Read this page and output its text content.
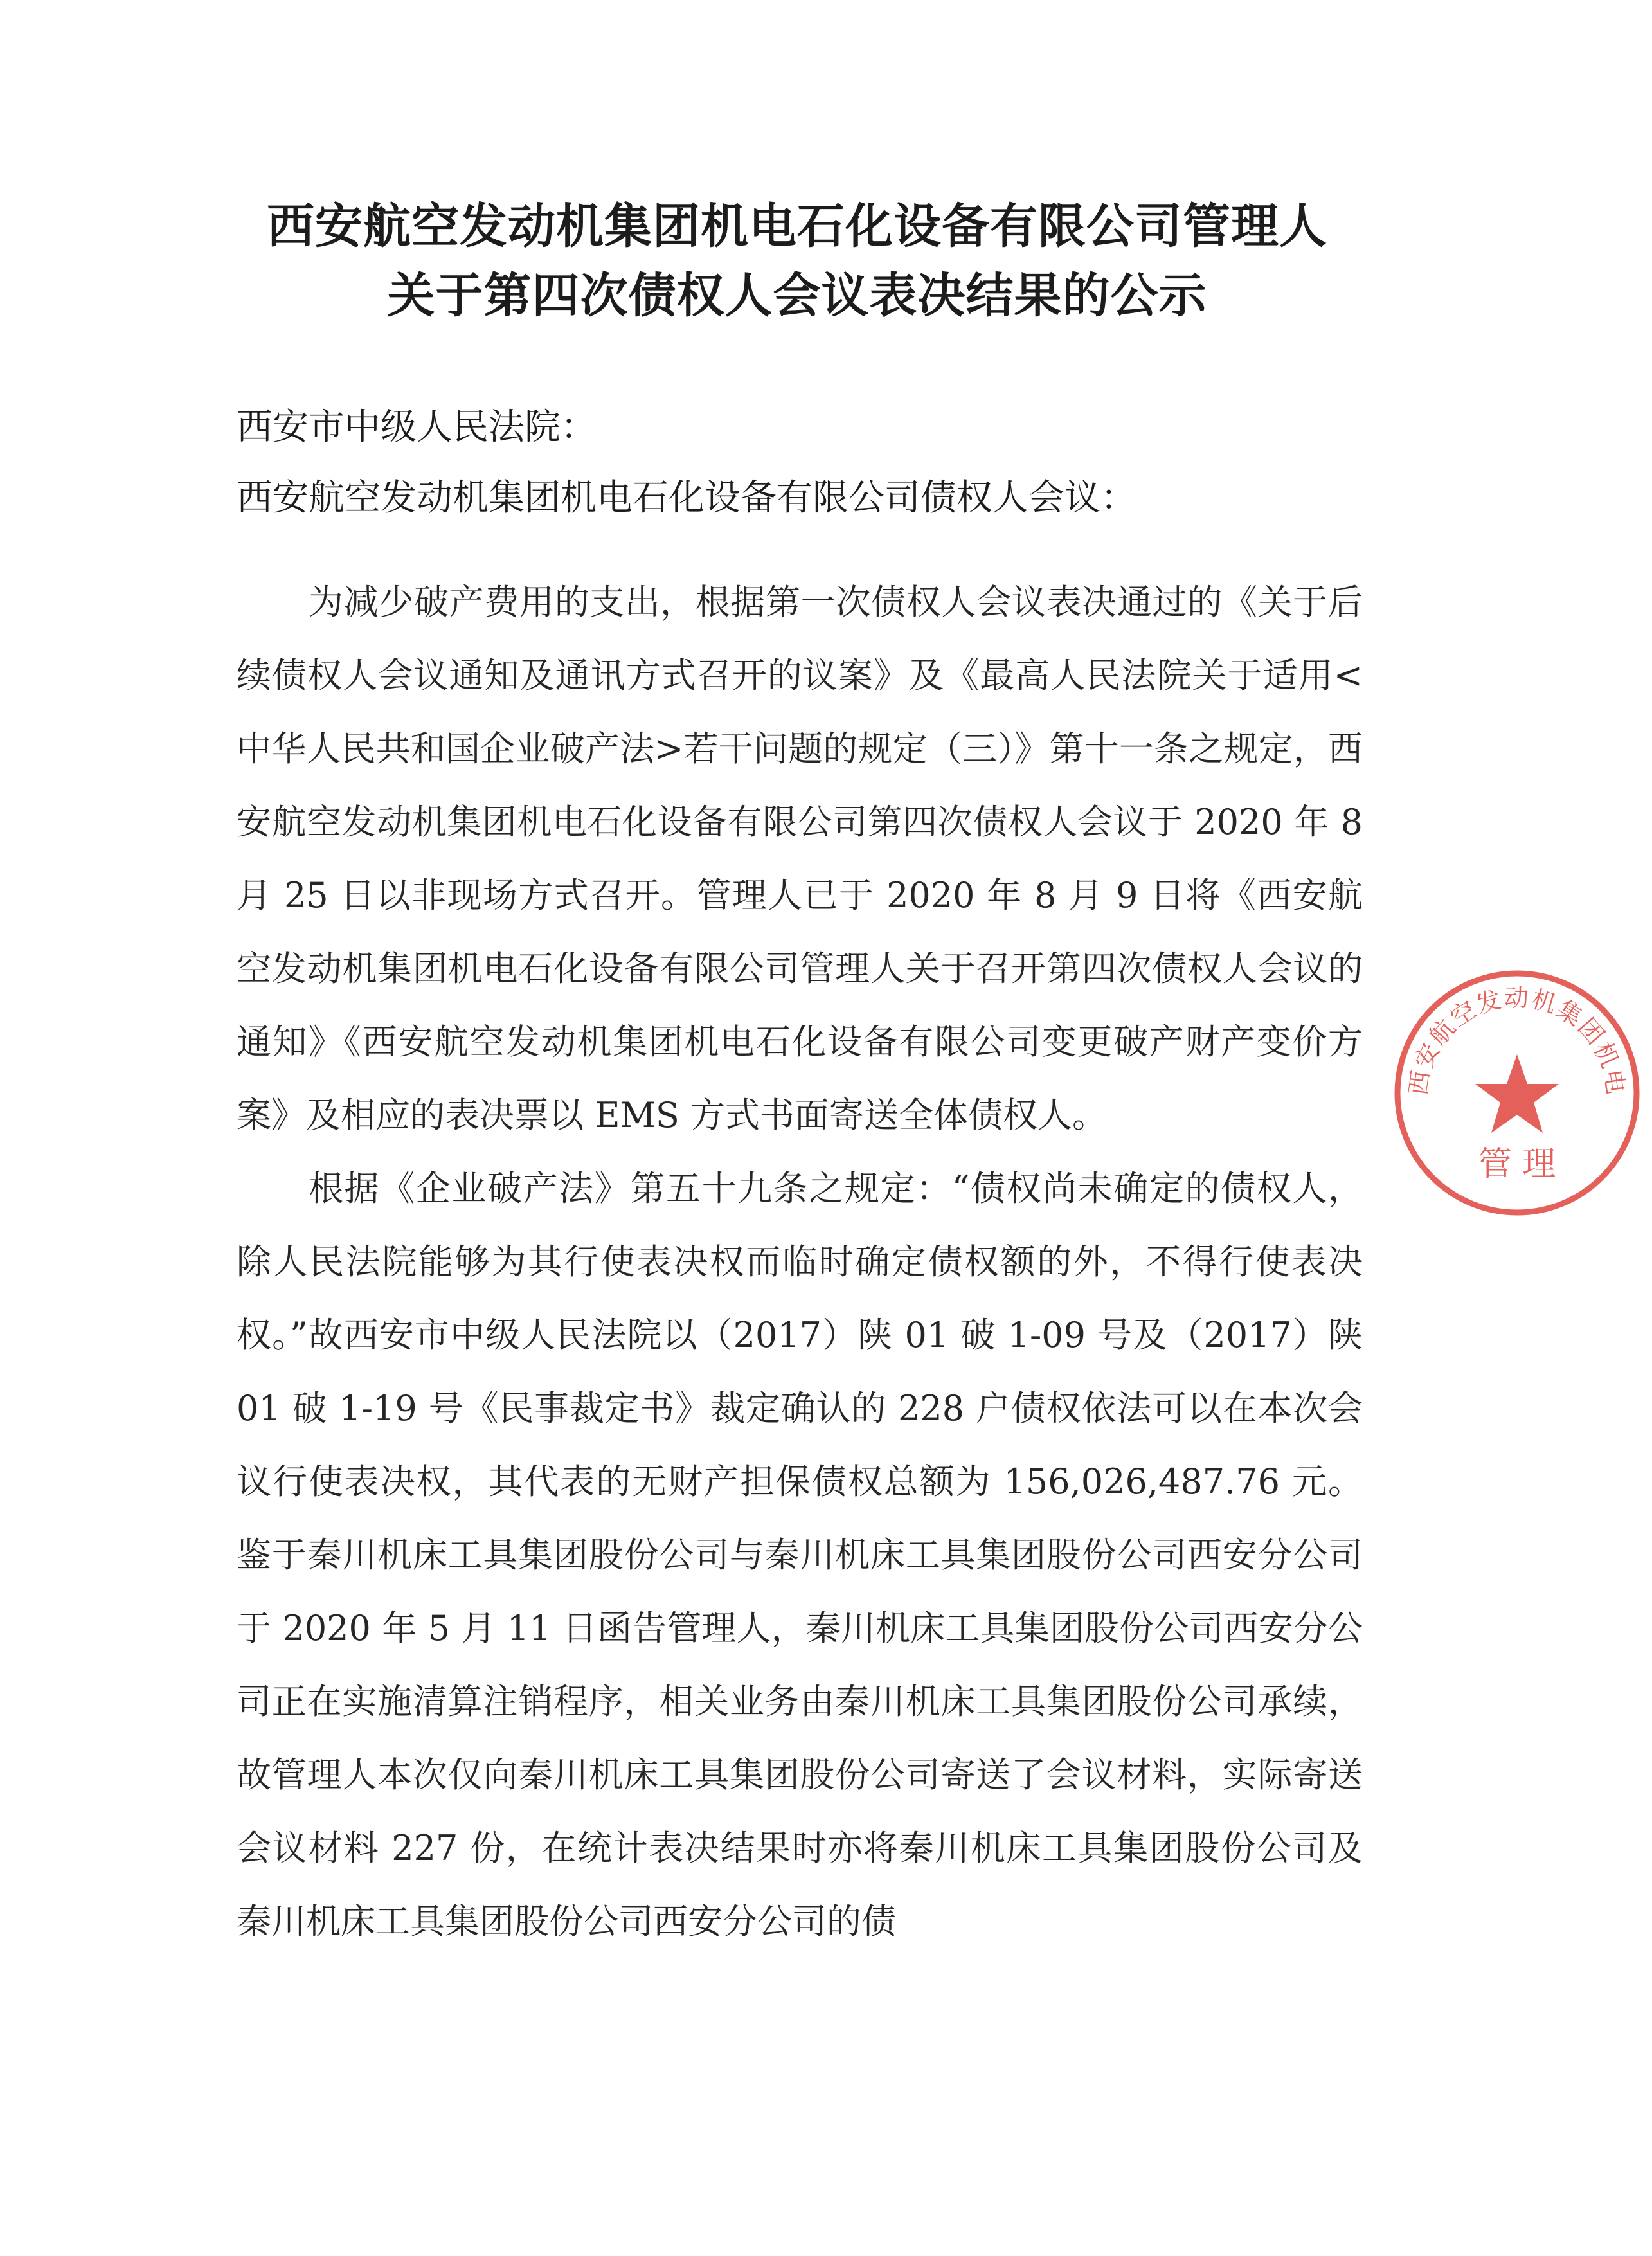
西安航空发动机集团机电石化设备有限公司管理人
关于第四次债权人会议表决结果的公示
西安市中级人民法院：
西安航空发动机集团机电石化设备有限公司债权人会议：

为减少破产费用的支出，根据第一次债权人会议表决通过的《关于后续债权人会议通知及通讯方式召开的议案》及《最高人民法院关于适用<中华人民共和国企业破产法>若干问题的规定（三）》第十一条之规定，西安航空发动机集团机电石化设备有限公司第四次债权人会议于 2020 年 8 月 25 日以非现场方式召开。管理人已于 2020 年 8 月 9 日将《西安航空发动机集团机电石化设备有限公司管理人关于召开第四次债权人会议的通知》《西安航空发动机集团机电石化设备有限公司变更破产财产变价方案》及相应的表决票以 EMS 方式书面寄送全体债权人。

根据《企业破产法》第五十九条之规定：“债权尚未确定的债权人，除人民法院能够为其行使表决权而临时确定债权额的外，不得行使表决权。”故西安市中级人民法院以（2017）陕 01 破 1-09 号及（2017）陕 01 破 1-19 号《民事裁定书》裁定确认的 228 户债权依法可以在本次会议行使表决权，其代表的无财产担保债权总额为 156,026,487.76 元。鉴于秦川机床工具集团股份公司与秦川机床工具集团股份公司西安分公司于 2020 年 5 月 11 日函告管理人，秦川机床工具集团股份公司西安分公司正在实施清算注销程序，相关业务由秦川机床工具集团股份公司承续，故管理人本次仅向秦川机床工具集团股份公司寄送了会议材料，实际寄送会议材料 227 份，在统计表决结果时亦将秦川机床工具集团股份公司及秦川机床工具集团股份公司西安分公司的债

西安航空发动机集团机电
管 理
